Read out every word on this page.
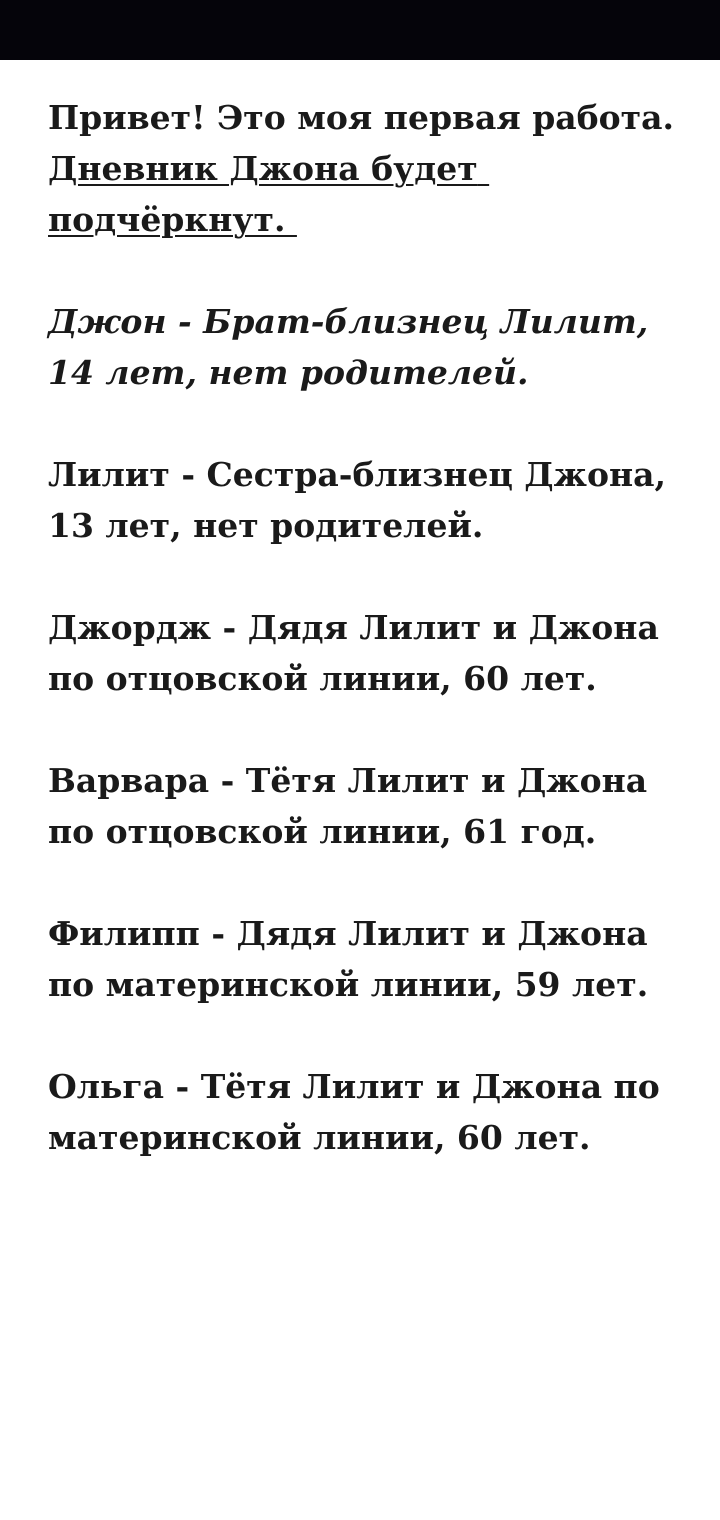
Привет! Это моя первая работа.

Дневник Джона будет подчёркнут.

Джон - Брат-близнец Лилит, 14 лет, нет родителей.

Лилит - Сестра-близнец Джона, 13 лет, нет родителей.

Джордж - Дядя Лилит и Джона по отцовской линии, 60 лет.

Варвара - Тётя Лилит и Джона по отцовской линии, 61 год.

Филипп - Дядя Лилит и Джона по материнской линии, 59 лет.

Ольга - Тётя Лилит и Джона по материнской линии, 60 лет.
